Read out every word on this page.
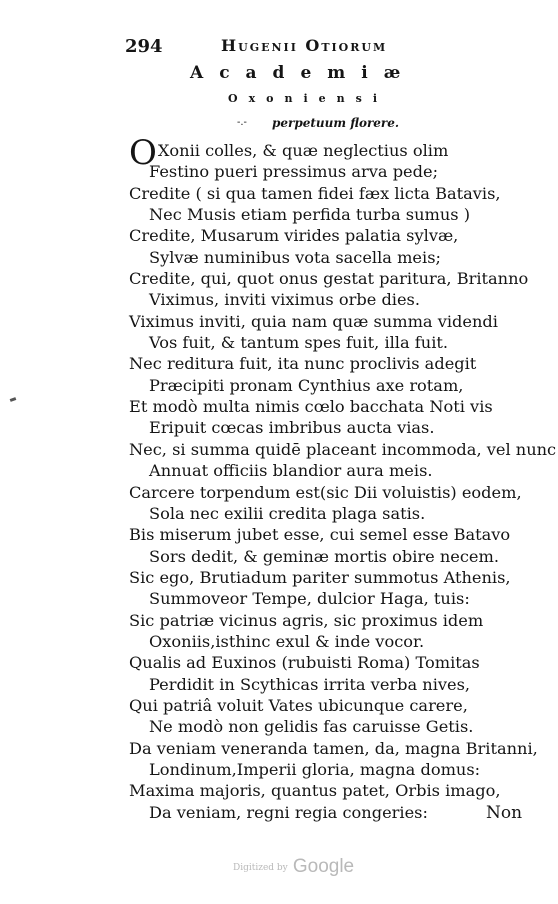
294	Hugenii Otiorum
Academiæ
Oxoniensi
-.- perpetuum florere.
OXonii colles, & quæ neglectius olim
Festino pueri pressimus arva pede;
Credite ( si qua tamen fidei fæx licta Batavis,
Nec Musis etiam perfida turba sumus )
Credite, Musarum virides palatia sylvæ,
Sylvæ numinibus vota sacella meis;
Credite, qui, quot onus gestat paritura, Britanno
Viximus, inviti viximus orbe dies.
Viximus inviti, quia nam quæ summa videndi
Vos fuit, & tantum spes fuit, illa fuit.
Nec reditura fuit, ita nunc proclivis adegit
Præcipiti pronam Cynthius axe rotam,
Et modò multa nimis cœlo bacchata Noti vis
Eripuit cœcas imbribus aucta vias.
Nec, si summa quidē placeant incommoda, vel nunc
Annuat officiis blandior aura meis.
Carcere torpendum est(sic Dii voluistis) eodem,
Sola nec exilii credita plaga satis.
Bis miserum jubet esse, cui semel esse Batavo
Sors dedit, & geminæ mortis obire necem.
Sic ego, Brutiadum pariter summotus Athenis,
Summoveor Tempe, dulcior Haga, tuis:
Sic patriæ vicinus agris, sic proximus idem
Oxoniis,isthinc exul & inde vocor.
Qualis ad Euxinos (rubuisti Roma) Tomitas
Perdidit in Scythicas irrita verba nives,
Qui patriâ voluit Vates ubicunque carere,
Ne modò non gelidis fas caruisse Getis.
Da veniam veneranda tamen, da, magna Britanni,
Londinum,Imperii gloria, magna domus:
Maxima majoris, quantus patet, Orbis imago,
Da veniam, regni regia congeries:	Non
Digitized by Google
